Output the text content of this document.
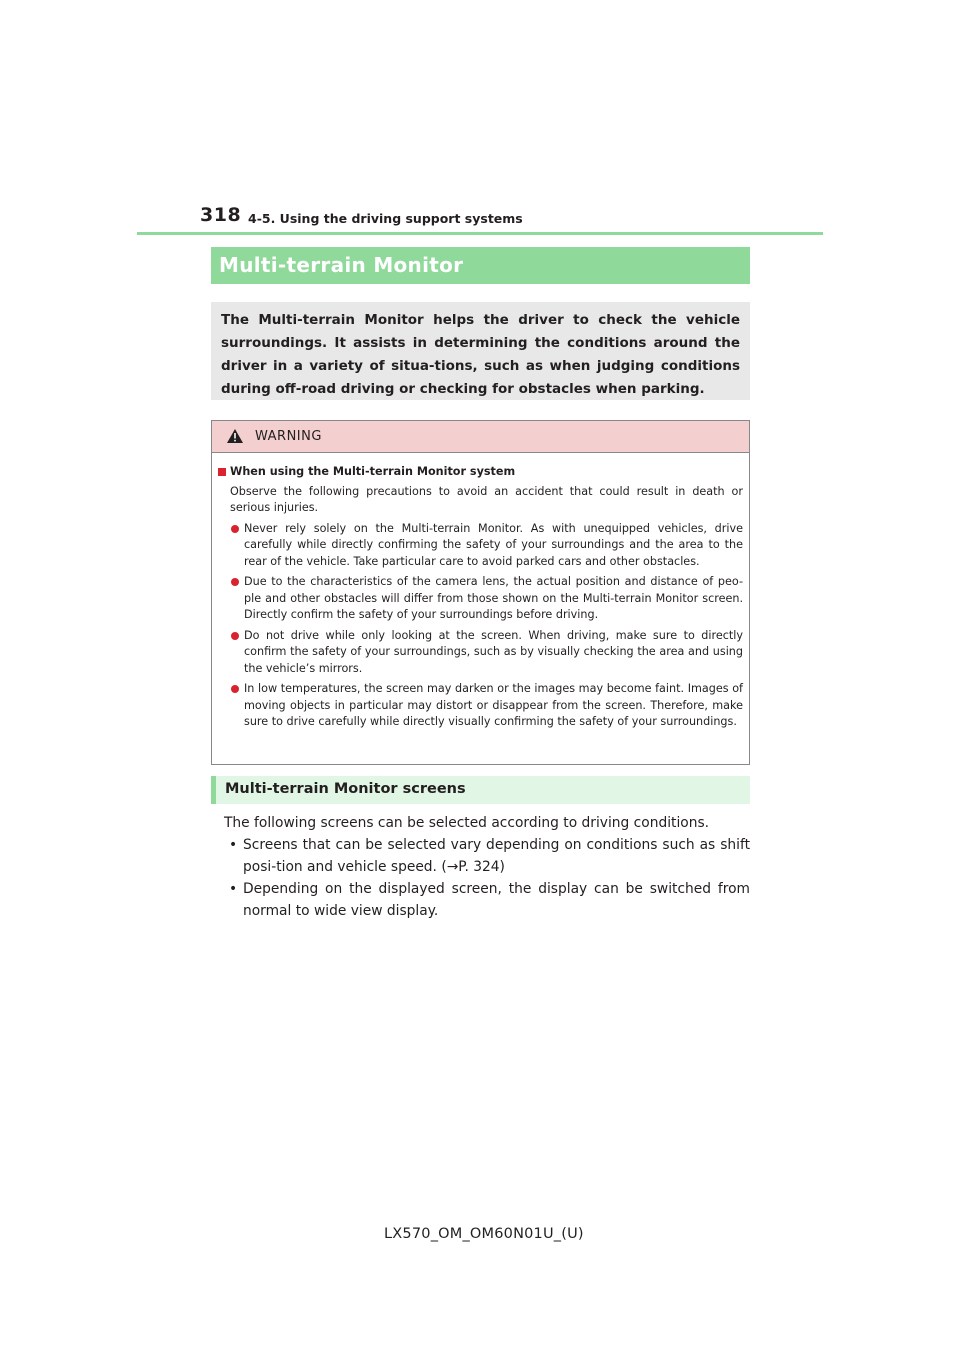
318 4-5. Using the driving support systems
Multi-terrain Monitor
The Multi-terrain Monitor helps the driver to check the vehicle surroundings. It assists in determining the conditions around the driver in a variety of situa-tions, such as when judging conditions during off-road driving or checking for obstacles when parking.
WARNING
When using the Multi-terrain Monitor system
Observe the following precautions to avoid an accident that could result in death or serious injuries.
Never rely solely on the Multi-terrain Monitor. As with unequipped vehicles, drive carefully while directly confirming the safety of your surroundings and the area to the rear of the vehicle. Take particular care to avoid parked cars and other obstacles.
Due to the characteristics of the camera lens, the actual position and distance of peo-ple and other obstacles will differ from those shown on the Multi-terrain Monitor screen. Directly confirm the safety of your surroundings before driving.
Do not drive while only looking at the screen. When driving, make sure to directly confirm the safety of your surroundings, such as by visually checking the area and using the vehicle’s mirrors.
In low temperatures, the screen may darken or the images may become faint. Images of moving objects in particular may distort or disappear from the screen. Therefore, make sure to drive carefully while directly visually confirming the safety of your surroundings.
Multi-terrain Monitor screens
The following screens can be selected according to driving conditions.
• Screens that can be selected vary depending on conditions such as shift posi-tion and vehicle speed. (→P. 324)
• Depending on the displayed screen, the display can be switched from normal to wide view display.
LX570_OM_OM60N01U_(U)
